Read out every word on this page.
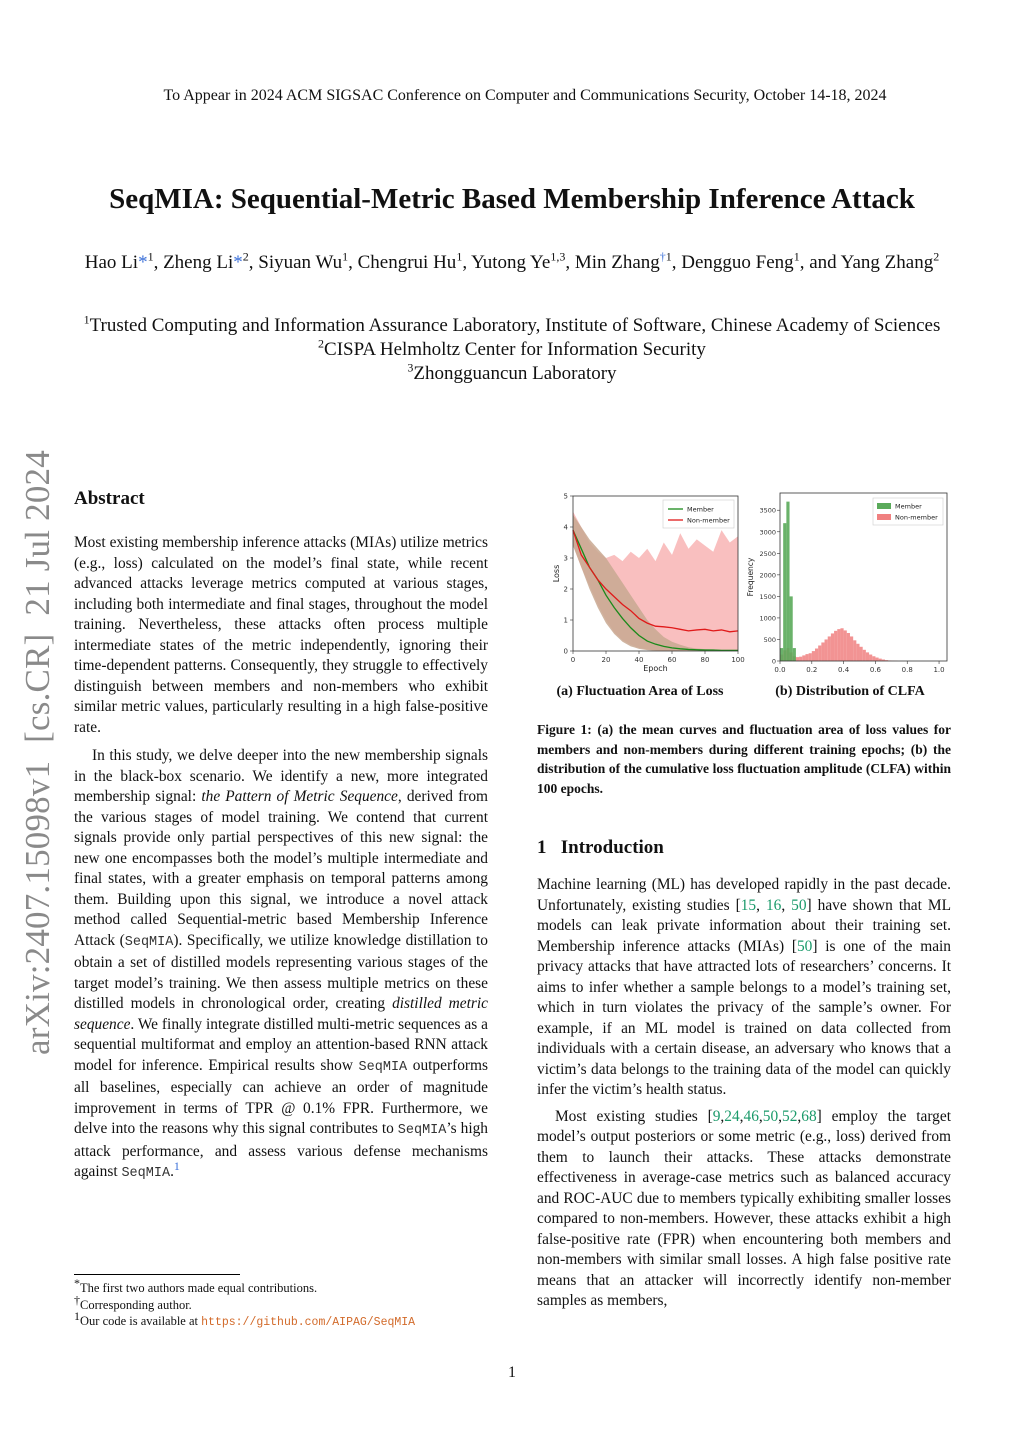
To Appear in 2024 ACM SIGSAC Conference on Computer and Communications Security, October 14-18, 2024
SeqMIA: Sequential-Metric Based Membership Inference Attack
Hao Li*$^1$, Zheng Li*$^2$, Siyuan Wu$^1$, Chengrui Hu$^1$, Yutong Ye$^{1,3}$, Min Zhang$^{\dagger 1}$, Dengguo Feng$^1$, and Yang Zhang$^2$
$^1$Trusted Computing and Information Assurance Laboratory, Institute of Software, Chinese Academy of Sciences
$^2$CISPA Helmholtz Center for Information Security
$^3$Zhongguancun Laboratory
arXiv:2407.15098v1  [cs.CR]  21 Jul 2024 Abstract

Most existing membership inference attacks (MIAs) utilize metrics (e.g., loss) calculated on the model’s final state, while recent advanced attacks leverage metrics computed at various stages, including both intermediate and final stages, throughout the model training. Nevertheless, these attacks often process multiple intermediate states of the metric independently, ignoring their time-dependent patterns. Consequently, they struggle to effectively distinguish between members and non-members who exhibit similar metric values, particularly resulting in a high false-positive rate.

In this study, we delve deeper into the new membership signals in the black-box scenario. We identify a new, more integrated membership signal: the Pattern of Metric Sequence, derived from the various stages of model training. We contend that current signals provide only partial perspectives of this new signal: the new one encompasses both the model’s multiple intermediate and final states, with a greater emphasis on temporal patterns among them. Building upon this signal, we introduce a novel attack method called Sequential-metric based Membership Inference Attack (SeqMIA). Specifically, we utilize knowledge distillation to obtain a set of distilled models representing various stages of the target model’s training. We then assess multiple metrics on these distilled models in chronological order, creating distilled metric sequence. We finally integrate distilled multi-metric sequences as a sequential multiformat and employ an attention-based RNN attack model for inference. Empirical results show SeqMIA outperforms all baselines, especially can achieve an order of magnitude improvement in terms of TPR @ 0.1% FPR. Furthermore, we delve into the reasons why this signal contributes to SeqMIA’s high attack performance, and assess various defense mechanisms against SeqMIA.$^1$

*The first two authors made equal contributions.
†Corresponding author.
$^1$Our code is available at https://github.com/AIPAG/SeqMIA
0	20	40	60	80	100
0
1
2
3
4
5
Epoch
Loss
Member
Non-member
0.0	0.2	0.4	0.6	0.8	1.0
0
500
1000
1500
2000
2500
3000
3500
Frequency
Member
Non-member
(a) Fluctuation Area of Loss	(b) Distribution of CLFA
Figure 1: (a) the mean curves and fluctuation area of loss values for members and non-members during different training epochs; (b) the distribution of the cumulative loss fluctuation amplitude (CLFA) within 100 epochs.
1   Introduction

Machine learning (ML) has developed rapidly in the past decade. Unfortunately, existing studies [15, 16, 50] have shown that ML models can leak private information about their training set. Membership inference attacks (MIAs) [50] is one of the main privacy attacks that have attracted lots of researchers’ concerns. It aims to infer whether a sample belongs to a model’s training set, which in turn violates the privacy of the sample’s owner. For example, if an ML model is trained on data collected from individuals with a certain disease, an adversary who knows that a victim’s data belongs to the training data of the model can quickly infer the victim’s health status.

Most existing studies [9,24,46,50,52,68] employ the target model’s output posteriors or some metric (e.g., loss) derived from them to launch their attacks. These attacks demonstrate effectiveness in average-case metrics such as balanced accuracy and ROC-AUC due to members typically exhibiting smaller losses compared to non-members. However, these attacks exhibit a high false-positive rate (FPR) when encountering both members and non-members with similar small losses. A high false positive rate means that an attacker will incorrectly identify non-member samples as members,

1
